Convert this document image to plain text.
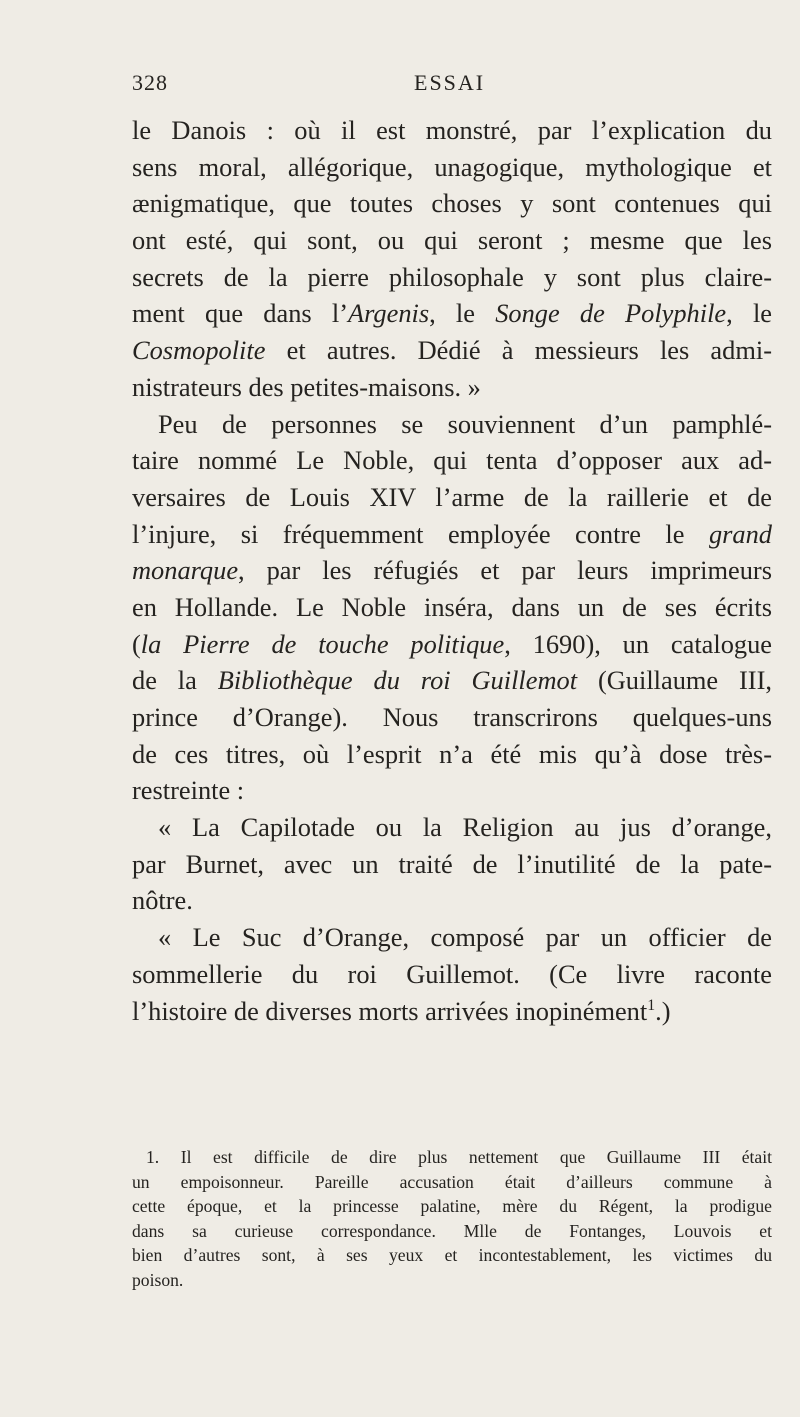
328	ESSAI
le Danois : où il est monstré, par l’explication du
sens moral, allégorique, unagogique, mythologique et
ænigmatique, que toutes choses y sont contenues qui
ont esté, qui sont, ou qui seront ; mesme que les
secrets de la pierre philosophale y sont plus claire-
ment que dans l’Argenis, le Songe de Polyphile, le
Cosmopolite et autres. Dédié à messieurs les admi-
nistrateurs des petites-maisons. »
Peu de personnes se souviennent d’un pamphlé-
taire nommé Le Noble, qui tenta d’opposer aux ad-
versaires de Louis XIV l’arme de la raillerie et de
l’injure, si fréquemment employée contre le grand
monarque, par les réfugiés et par leurs imprimeurs
en Hollande. Le Noble inséra, dans un de ses écrits
(la Pierre de touche politique, 1690), un catalogue
de la Bibliothèque du roi Guillemot (Guillaume III,
prince d’Orange). Nous transcrirons quelques-uns
de ces titres, où l’esprit n’a été mis qu’à dose très-
restreinte :
« La Capilotade ou la Religion au jus d’orange,
par Burnet, avec un traité de l’inutilité de la pate-
nôtre.
« Le Suc d’Orange, composé par un officier de
sommellerie du roi Guillemot. (Ce livre raconte
l’histoire de diverses morts arrivées inopinément$^1$.)
1. Il est difficile de dire plus nettement que Guillaume III était
un empoisonneur. Pareille accusation était d’ailleurs commune à
cette époque, et la princesse palatine, mère du Régent, la prodigue
dans sa curieuse correspondance. Mlle de Fontanges, Louvois et
bien d’autres sont, à ses yeux et incontestablement, les victimes du
poison.
